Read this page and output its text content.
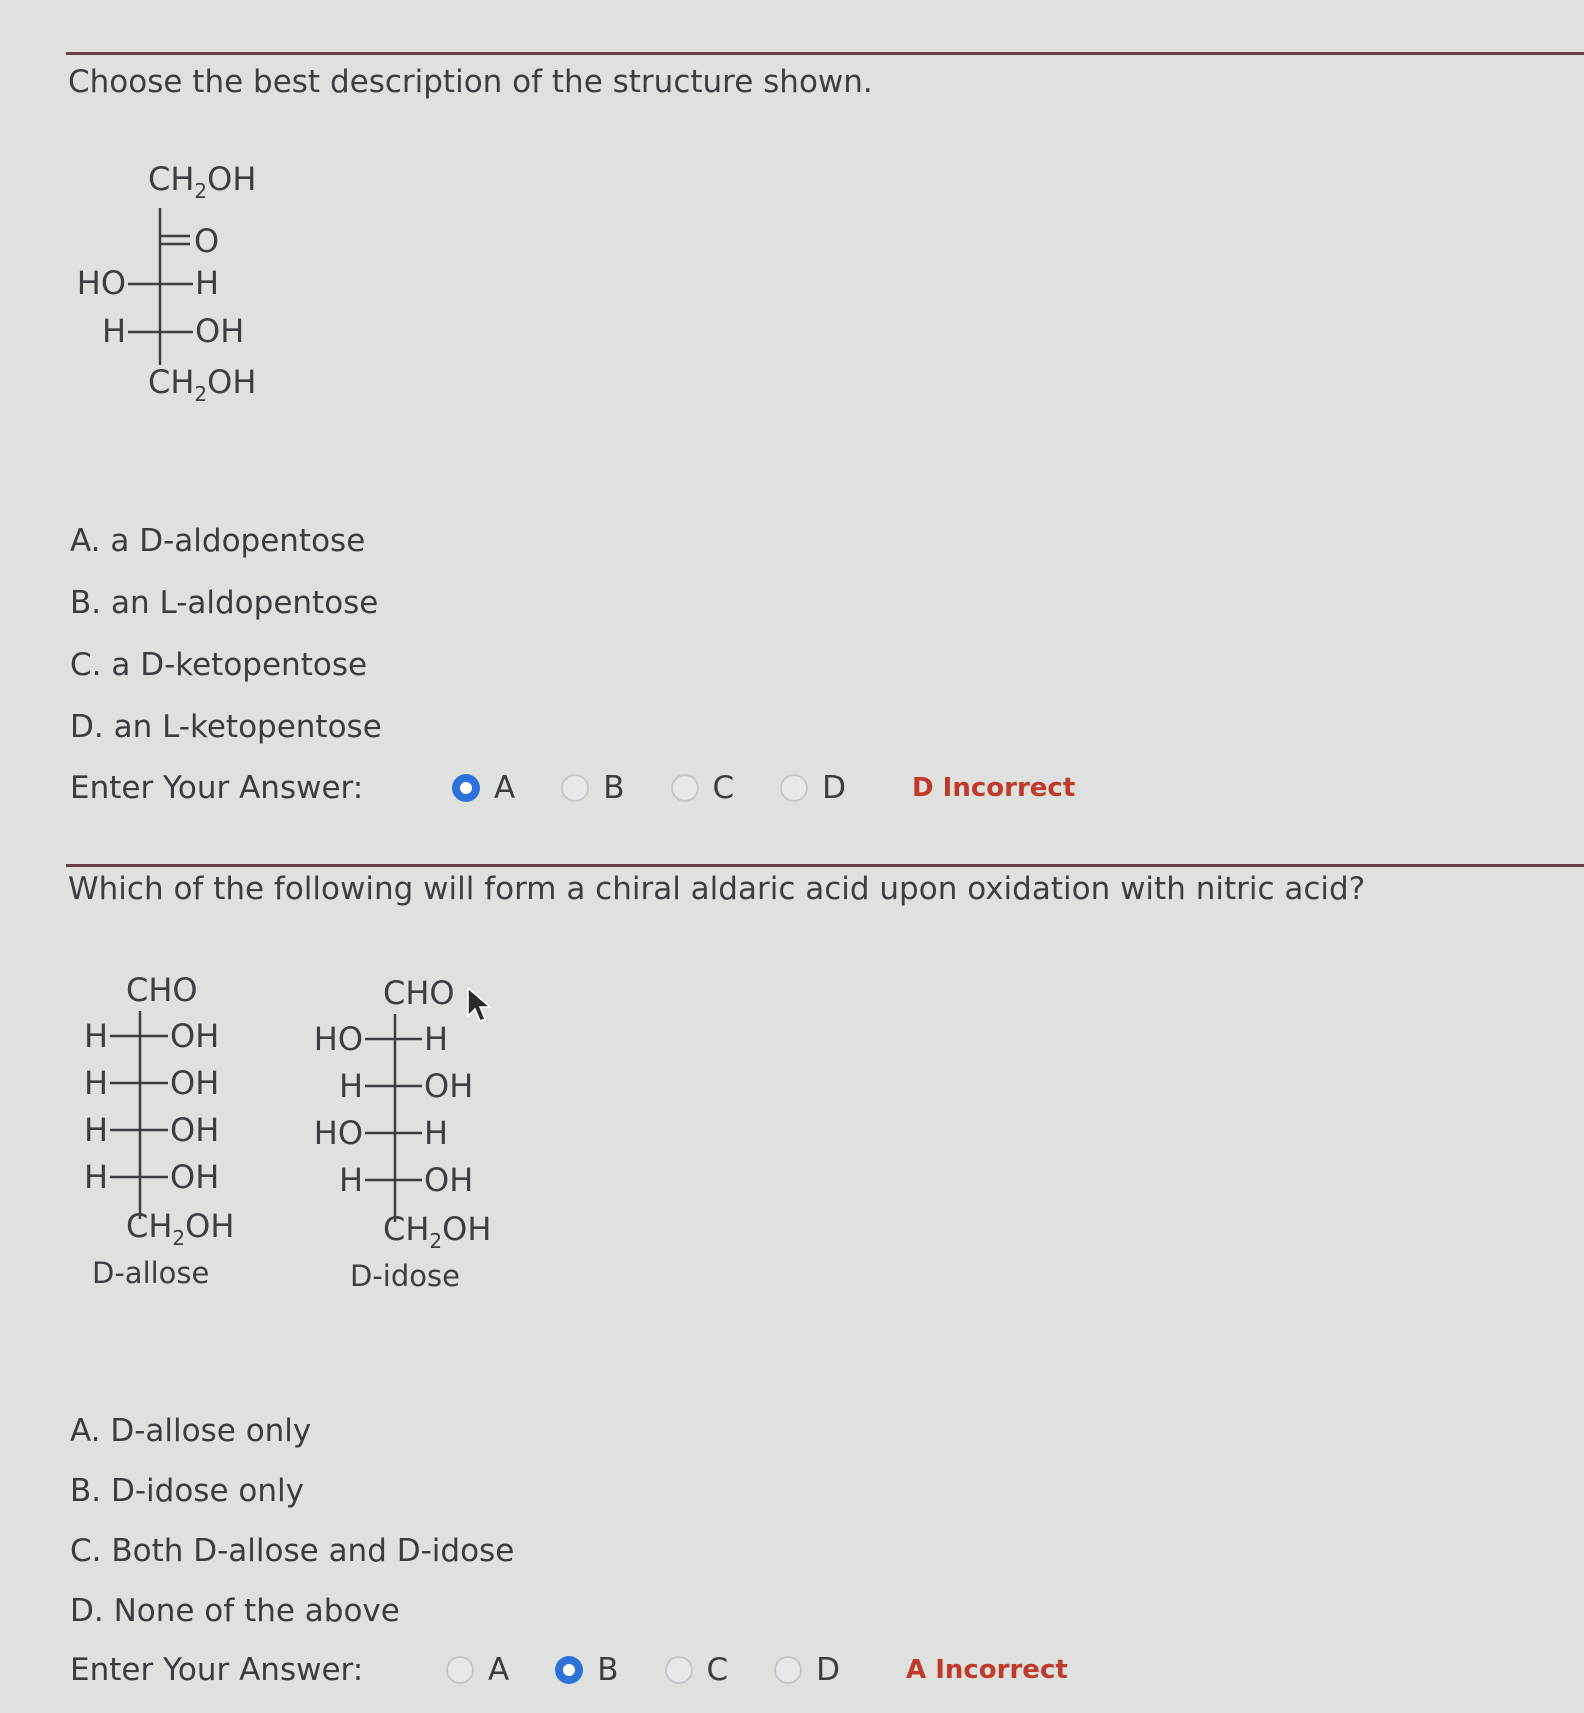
Choose the best description of the structure shown.
$CH_2OH$
O
HO H
H OH
$CH_2OH$
A. a D-aldopentose
B. an L-aldopentose
C. a D-ketopentose
D. an L-ketopentose
Enter Your Answer:	A	B	C	D	D Incorrect
Which of the following will form a chiral aldaric acid upon oxidation with nitric acid?
CHO
H OH
H OH
H OH
H OH
$CH_2OH$
D-allose
CHO
HO H
H OH
HO H
H OH
$CH_2OH$
D-idose
A. D-allose only
B. D-idose only
C. Both D-allose and D-idose
D. None of the above
Enter Your Answer:	A	B	C	D	A Incorrect
